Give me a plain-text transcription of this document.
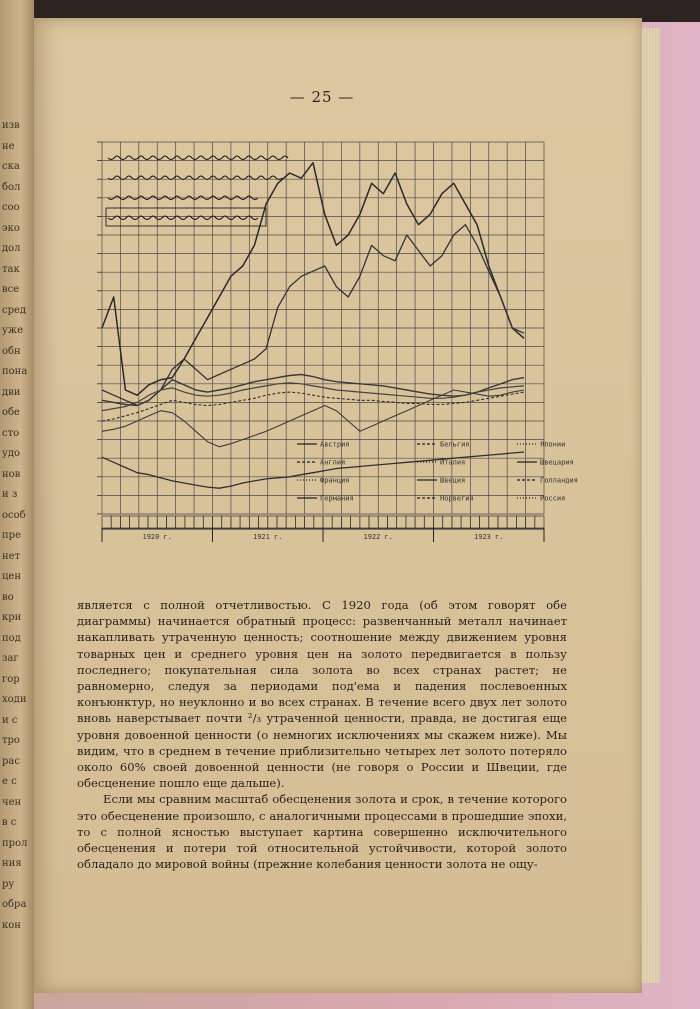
изв
не
ска
бол
соо
эко
дол
так
все
сред
уже
обн
пона
дви
обе
сто
удо
нов
и з
особ
пре
нет
цен
во
кри
под
заг
гор
ходи
и с
тро
рас
е с
чен
в с
прол
ния
ру
обра
кон
— 25 —
Австрия
Англия
Франция
Германия
Бельгия
Италия
Швеция
Норвегия
Японии
Швецария
Голландия
Россия
1920 г.	1921 г.	1922 г.	1923 г.

является с полной отчетливостью. С 1920 года (об этом говорят обе диаграммы) начинается обратный процесс: развенчанный металл начинает накапливать утраченную ценность; соотношение между движением уровня товарных цен и среднего уровня цен на золото передвигается в пользу последнего; покупательная сила золота во всех странах растет; не равномерно, следуя за периодами под'ема и падения послевоенных конъюнктур, но неуклонно и во всех странах. В течение всего двух лет золото вновь наверстывает почти ²/₃ утраченной ценности, правда, не достигая еще уровня довоенной ценности (о немногих исключениях мы скажем ниже). Мы видим, что в среднем в течение приблизительно четырех лет золото потеряло около 60% своей довоенной ценности (не говоря о России и Швеции, где обесценение пошло еще дальше).

Если мы сравним масштаб обесценения золота и срок, в течение которого это обесценение произошло, с аналогичными процессами в прошедшие эпохи, то с полной ясностью выступает картина совершенно исключительного обесценения и потери той относительной устойчивости, которой золото обладало до мировой войны (прежние колебания ценности золота не ощу-
